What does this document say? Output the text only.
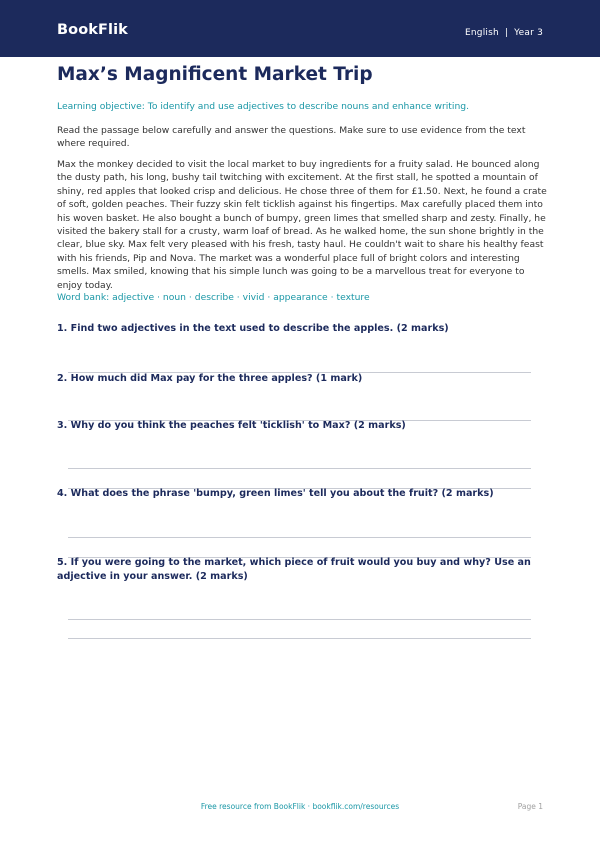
BookFlik	English | Year 3
Max’s Magnificent Market Trip
Learning objective: To identify and use adjectives to describe nouns and enhance writing.

Read the passage below carefully and answer the questions. Make sure to use evidence from the text where required.

Max the monkey decided to visit the local market to buy ingredients for a fruity salad. He bounced along the dusty path, his long, bushy tail twitching with excitement. At the first stall, he spotted a mountain of shiny, red apples that looked crisp and delicious. He chose three of them for £1.50. Next, he found a crate of soft, golden peaches. Their fuzzy skin felt ticklish against his fingertips. Max carefully placed them into his woven basket. He also bought a bunch of bumpy, green limes that smelled sharp and zesty. Finally, he visited the bakery stall for a crusty, warm loaf of bread. As he walked home, the sun shone brightly in the clear, blue sky. Max felt very pleased with his fresh, tasty haul. He couldn't wait to share his healthy feast with his friends, Pip and Nova. The market was a wonderful place full of bright colors and interesting smells. Max smiled, knowing that his simple lunch was going to be a marvellous treat for everyone to enjoy today.

Word bank: adjective · noun · describe · vivid · appearance · texture

1. Find two adjectives in the text used to describe the apples. (2 marks)

2. How much did Max pay for the three apples? (1 mark)

3. Why do you think the peaches felt 'ticklish' to Max? (2 marks)

4. What does the phrase 'bumpy, green limes' tell you about the fruit? (2 marks)

5. If you were going to the market, which piece of fruit would you buy and why? Use an adjective in your answer. (2 marks)

Free resource from BookFlik · bookflik.com/resources	Page 1
